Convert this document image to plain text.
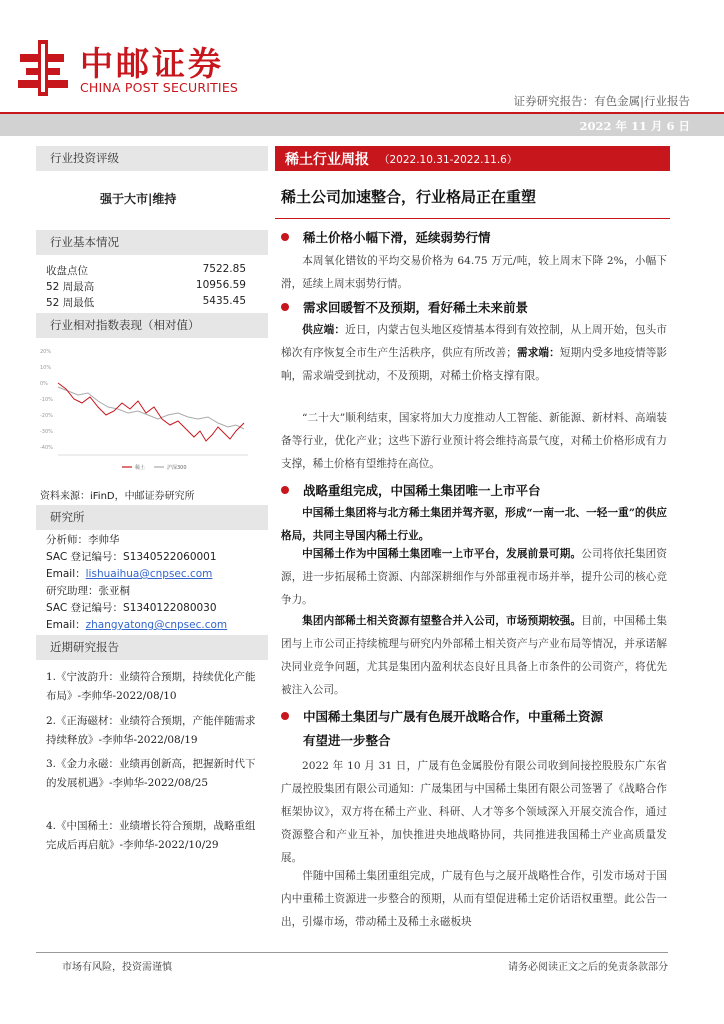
中邮证券
CHINA POST SECURITIES
证券研究报告：有色金属|行业报告
2022 年 11 月 6 日
行业投资评级
强于大市|维持
行业基本情况
收盘点位	7522.85
52 周最高	10956.59
52 周最低	5435.45
行业相对指数表现（相对值）
20%
10%
0%
-10%
-20%
-30%
-40%
稀土	沪深300
资料来源：iFinD，中邮证券研究所
研究所
分析师：李帅华
SAC 登记编号：S1340522060001
Email：lishuaihua@cnpsec.com
研究助理：张亚桐
SAC 登记编号：S1340122080030
Email：zhangyatong@cnpsec.com
近期研究报告
1.《宁波韵升：业绩符合预期，持续优化产能布局》-李帅华-2022/08/10
2.《正海磁材：业绩符合预期，产能伴随需求持续释放》-李帅华-2022/08/19
3.《金力永磁：业绩再创新高，把握新时代下的发展机遇》-李帅华-2022/08/25
4.《中国稀土：业绩增长符合预期，战略重组完成后再启航》-李帅华-2022/10/29
稀土行业周报 （2022.10.31-2022.11.6）
稀土公司加速整合，行业格局正在重塑
稀土价格小幅下滑，延续弱势行情
本周氧化镨钕的平均交易价格为 64.75 万元/吨，较上周末下降 2%，小幅下滑，延续上周末弱势行情。
需求回暖暂不及预期，看好稀土未来前景
供应端：近日，内蒙古包头地区疫情基本得到有效控制，从上周开始，包头市梯次有序恢复全市生产生活秩序，供应有所改善；需求端：短期内受多地疫情等影响，需求端受到扰动，不及预期，对稀土价格支撑有限。
“二十大”顺利结束，国家将加大力度推动人工智能、新能源、新材料、高端装备等行业，优化产业；这些下游行业预计将会维持高景气度，对稀土价格形成有力支撑，稀土价格有望维持在高位。
战略重组完成，中国稀土集团唯一上市平台
中国稀土集团将与北方稀土集团并驾齐驱，形成“一南一北、一轻一重”的供应格局，共同主导国内稀土行业。
中国稀土作为中国稀土集团唯一上市平台，发展前景可期。公司将依托集团资源，进一步拓展稀土资源、内部深耕细作与外部重视市场并举，提升公司的核心竞争力。
集团内部稀土相关资源有望整合并入公司，市场预期较强。目前，中国稀土集团与上市公司正持续梳理与研究内外部稀土相关资产与产业布局等情况，并承诺解决同业竞争问题，尤其是集团内盈利状态良好且具备上市条件的公司资产，将优先被注入公司。
中国稀土集团与广晟有色展开战略合作，中重稀土资源
有望进一步整合
2022 年 10 月 31 日，广晟有色金属股份有限公司收到间接控股股东广东省广晟控股集团有限公司通知：广晟集团与中国稀土集团有限公司签署了《战略合作框架协议》，双方将在稀土产业、科研、人才等多个领域深入开展交流合作，通过资源整合和产业互补，加快推进央地战略协同，共同推进我国稀土产业高质量发展。
伴随中国稀土集团重组完成，广晟有色与之展开战略性合作，引发市场对于国内中重稀土资源进一步整合的预期，从而有望促进稀土定价话语权重塑。此公告一出，引爆市场，带动稀土及稀土永磁板块
市场有风险，投资需谨慎	请务必阅读正文之后的免责条款部分
